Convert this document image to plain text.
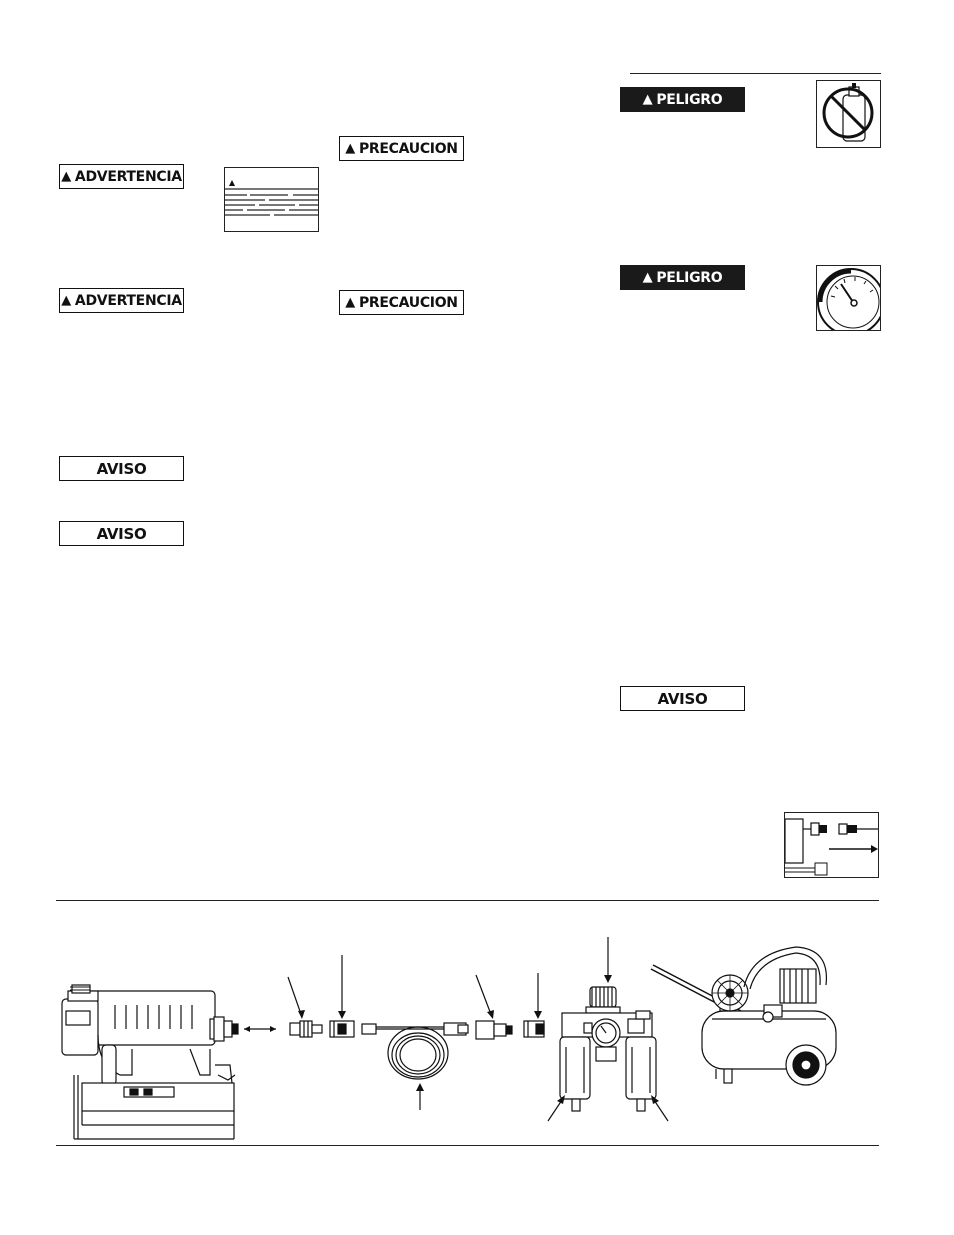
▲ ADVERTENCIA
▲ ADVERTENCIA
AVISO
AVISO
▲ PRECAUCION
▲ PRECAUCION
▲ PELIGRO
▲ PELIGRO
AVISO
